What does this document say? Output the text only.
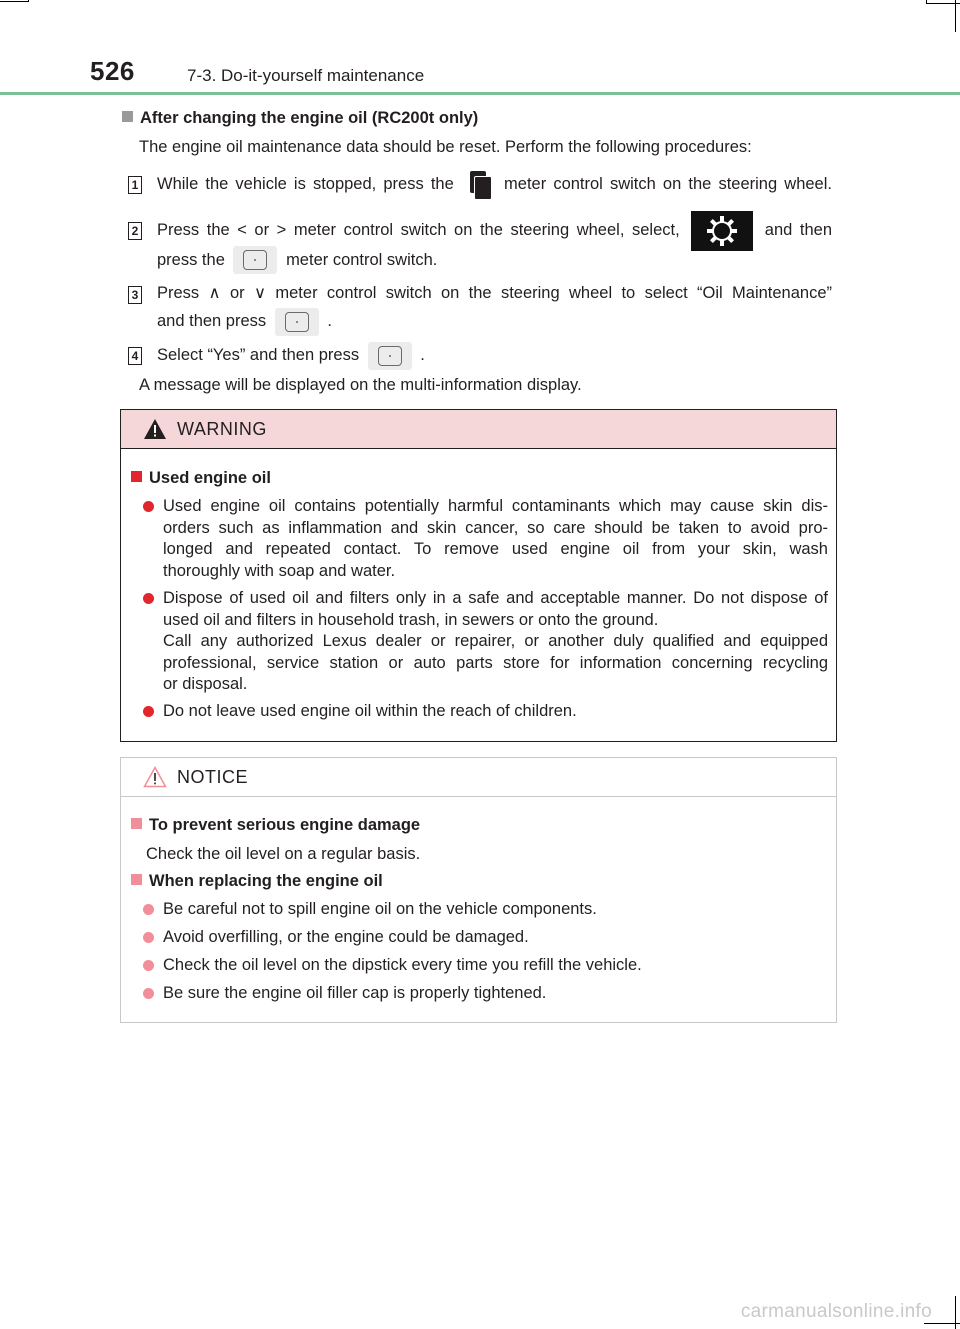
526	7-3. Do-it-yourself maintenance
After changing the engine oil (RC200t only)
The engine oil maintenance data should be reset. Perform the following procedures:
1 While the vehicle is stopped, press the	meter control switch on the steering wheel.
2 Press the < or > meter control switch on the steering wheel, select,	and then
press the	meter control switch.
3 Press ∧ or ∨ meter control switch on the steering wheel to select “Oil Maintenance”
and then press	.
4 Select “Yes” and then press	.
A message will be displayed on the multi-information display.
WARNING
Used engine oil
Used engine oil contains potentially harmful contaminants which may cause skin dis-
orders such as inflammation and skin cancer, so care should be taken to avoid pro-
longed and repeated contact. To remove used engine oil from your skin, wash
thoroughly with soap and water.
Dispose of used oil and filters only in a safe and acceptable manner. Do not dispose of
used oil and filters in household trash, in sewers or onto the ground.
Call any authorized Lexus dealer or repairer, or another duly qualified and equipped
professional, service station or auto parts store for information concerning recycling
or disposal.
Do not leave used engine oil within the reach of children.
NOTICE
To prevent serious engine damage
Check the oil level on a regular basis.
When replacing the engine oil
Be careful not to spill engine oil on the vehicle components.
Avoid overfilling, or the engine could be damaged.
Check the oil level on the dipstick every time you refill the vehicle.
Be sure the engine oil filler cap is properly tightened.
carmanualsonline.info
